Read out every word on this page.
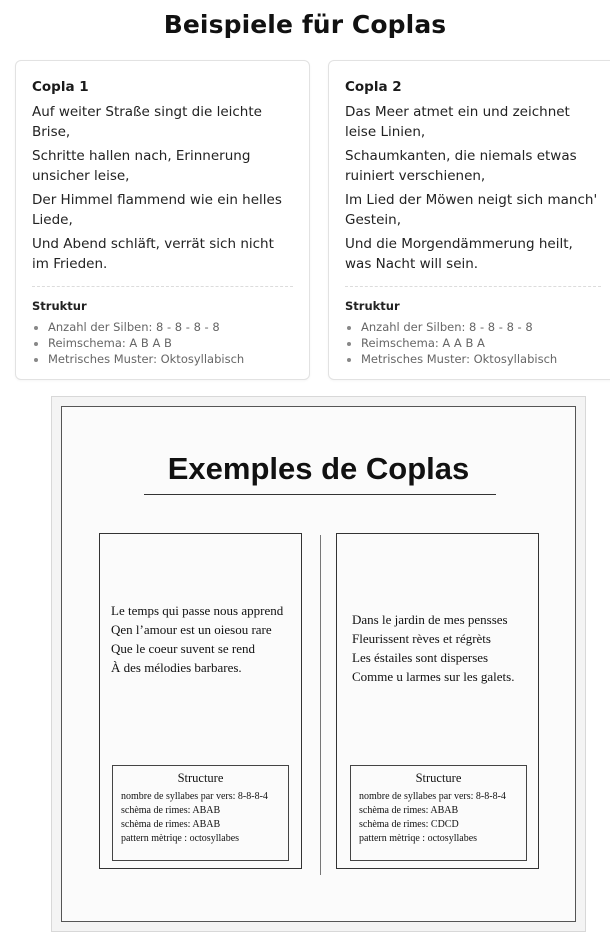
Beispiele für Coplas
Copla 1
Auf weiter Straße singt die leichte Brise,
Schritte hallen nach, Erinnerung unsicher leise,
Der Himmel flammend wie ein helles Liede,
Und Abend schläft, verrät sich nicht im Frieden.
Struktur
• Anzahl der Silben: 8 - 8 - 8 - 8
• Reimschema: A B A B
• Metrisches Muster: Oktosyllabisch
Copla 2
Das Meer atmet ein und zeichnet leise Linien,
Schaumkanten, die niemals etwas ruiniert verschienen,
Im Lied der Möwen neigt sich manch' Gestein,
Und die Morgendämmerung heilt, was Nacht will sein.
Struktur
• Anzahl der Silben: 8 - 8 - 8 - 8
• Reimschema: A A B A
• Metrisches Muster: Oktosyllabisch
Exemples de Coplas
Le temps qui passe nous apprend
Qen l’amour est un oiesou rare
Que le coeur suvent se rend
À des mélodies barbares.
Structure
nombre de syllabes par vers: 8-8-8-4
schèma de rimes: ABAB
schèma de rimes: ABAB
pattern mètriqe : octosyllabes
Dans le jardin de mes pensses
Fleurissent rèves et régrèts
Les éstailes sont disperses
Comme u larmes sur les galets.
Structure
nombre de syllabes par vers: 8-8-8-4
schèma de rimes: ABAB
schèma de rimes: CDCD
pattern mètriqe : octosyllabes
